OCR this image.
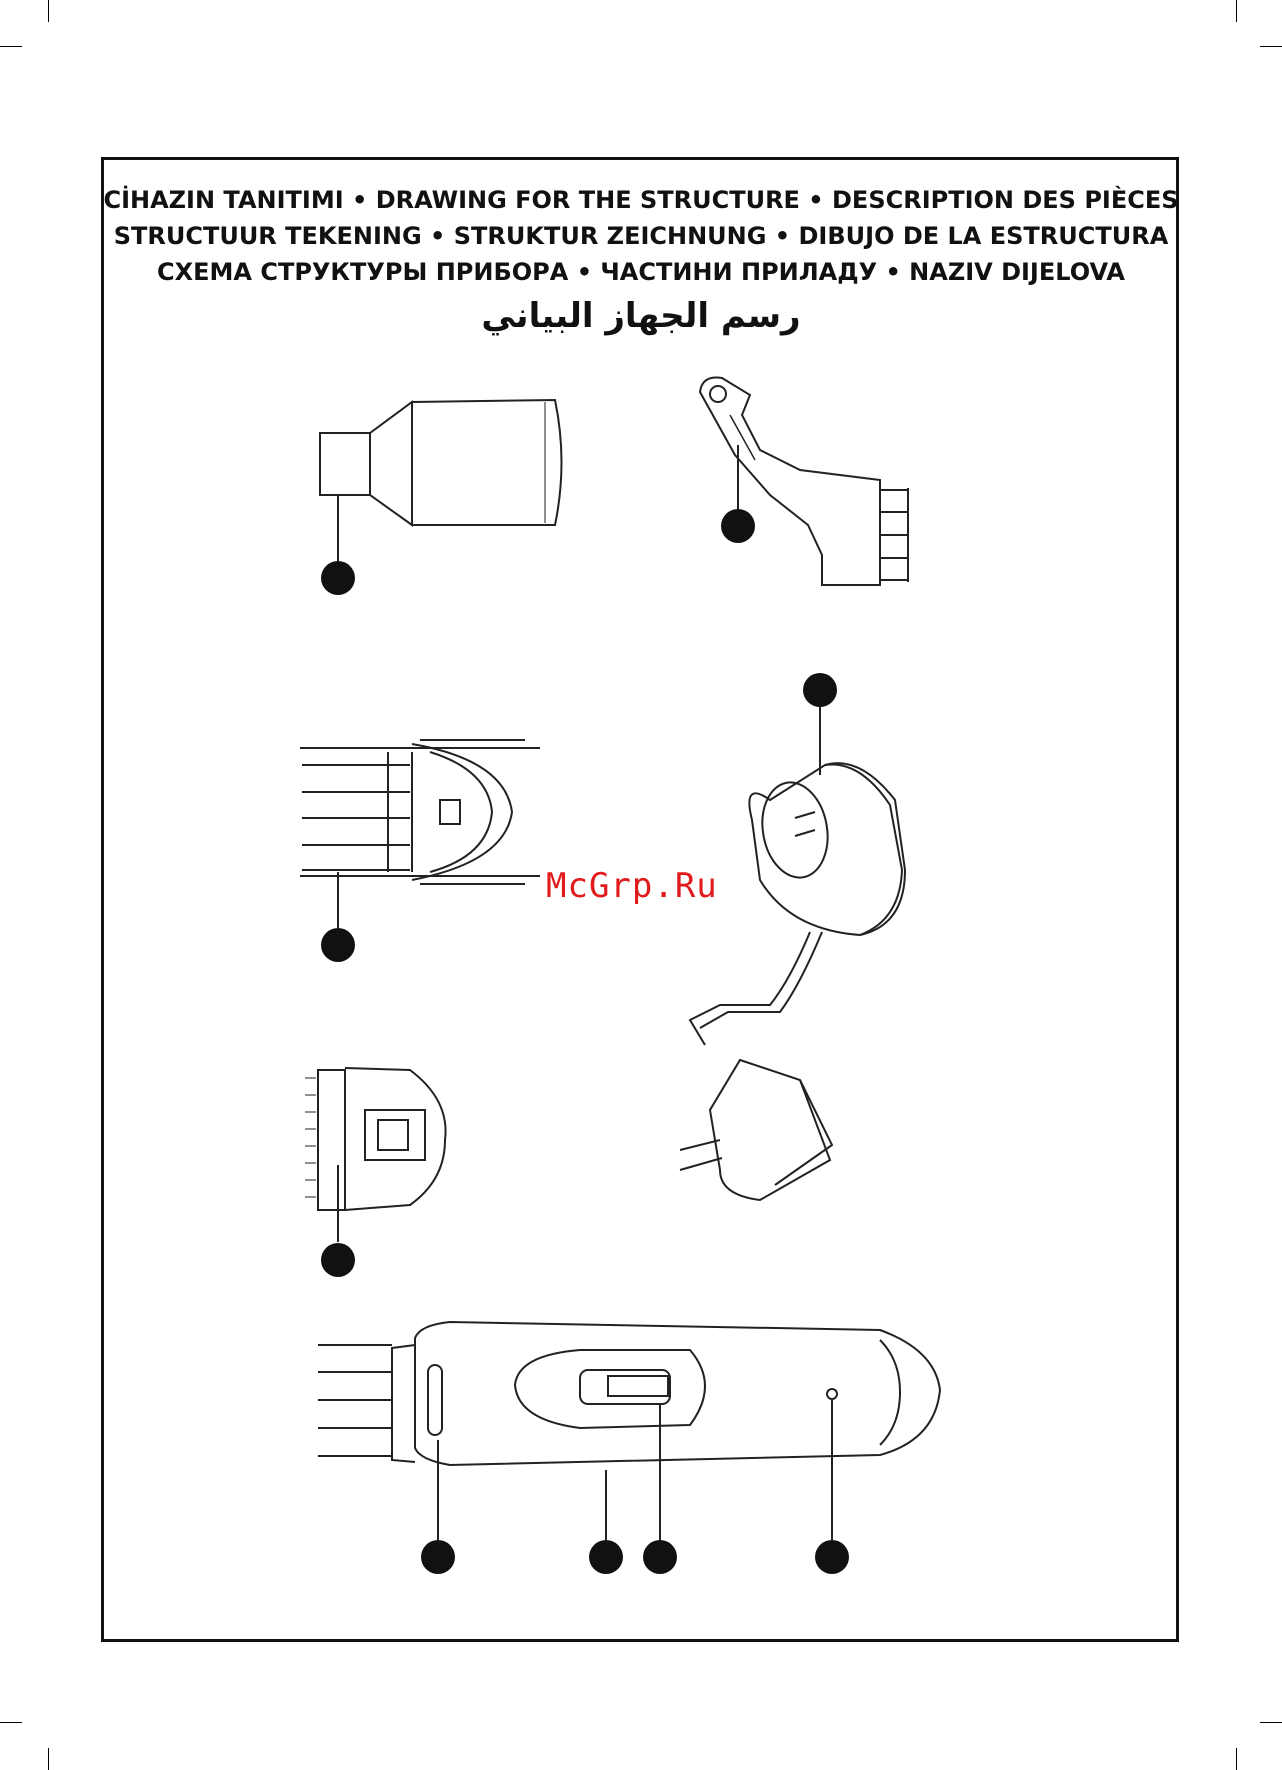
CİHAZIN TANITIMI • DRAWING FOR THE STRUCTURE • DESCRIPTION DES PIÈCES
STRUCTUUR TEKENING • STRUKTUR ZEICHNUNG • DIBUJO DE LA ESTRUCTURA
СХЕМА СТРУКТУРЫ ПРИБОРА • ЧАСТИНИ ПРИЛАДУ • NAZIV DIJELOVA
رسم الجهاز البياني
McGrp.Ru
